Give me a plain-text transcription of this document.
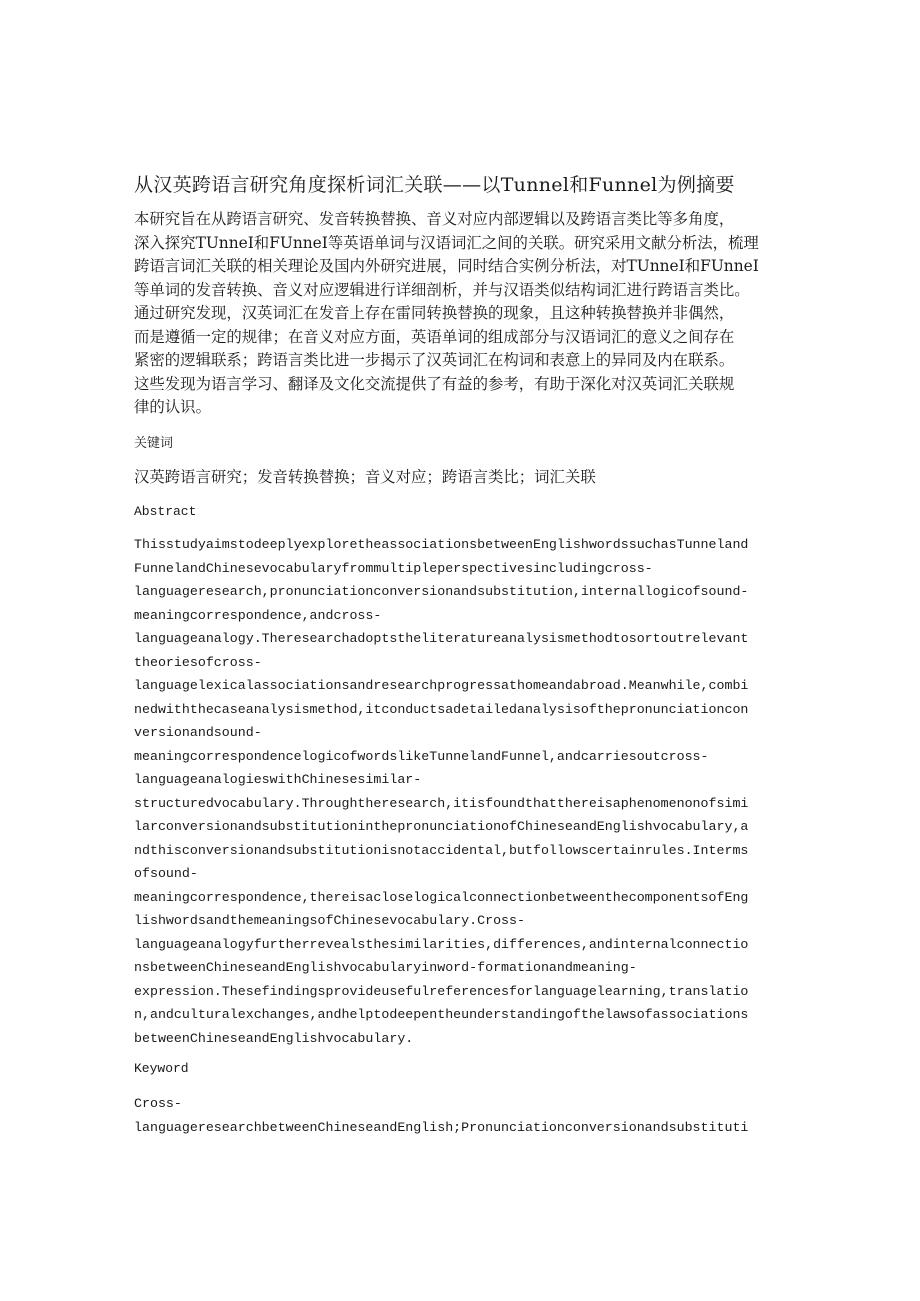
从汉英跨语言研究角度探析词汇关联——以Tunnel和Funnel为例摘要
本研究旨在从跨语言研究、发音转换替换、音义对应内部逻辑以及跨语言类比等多角度，
深入探究TUnneI和FUnneI等英语单词与汉语词汇之间的关联。研究采用文献分析法，梳理
跨语言词汇关联的相关理论及国内外研究进展，同时结合实例分析法，对TUnneI和FUnneI
等单词的发音转换、音义对应逻辑进行详细剖析，并与汉语类似结构词汇进行跨语言类比。
通过研究发现，汉英词汇在发音上存在雷同转换替换的现象，且这种转换替换并非偶然，
而是遵循一定的规律；在音义对应方面，英语单词的组成部分与汉语词汇的意义之间存在
紧密的逻辑联系；跨语言类比进一步揭示了汉英词汇在构词和表意上的异同及内在联系。
这些发现为语言学习、翻译及文化交流提供了有益的参考，有助于深化对汉英词汇关联规
律的认识。
关键词
汉英跨语言研究；发音转换替换；音义对应；跨语言类比；词汇关联
Abstract
ThisstudyaimstodeeplyexploretheassociationsbetweenEnglishwordssuchasTunneland
FunnelandChinesevocabularyfrommultipleperspectivesincludingcross-
languageresearch,pronunciationconversionandsubstitution,internallogicofsound-
meaningcorrespondence,andcross-
languageanalogy.Theresearchadoptstheliteratureanalysismethodtosortoutrelevant
theoriesofcross-
languagelexicalassociationsandresearchprogressathomeandabroad.Meanwhile,combi
nedwiththecaseanalysismethod,itconductsadetailedanalysisofthepronunciationcon
versionandsound-
meaningcorrespondencelogicofwordslikeTunnelandFunnel,andcarriesoutcross-
languageanalogieswithChinesesimilar-
structuredvocabulary.Throughtheresearch,itisfoundthatthereisaphenomenonofsimi
larconversionandsubstitutioninthepronunciationofChineseandEnglishvocabulary,a
ndthisconversionandsubstitutionisnotaccidental,butfollowscertainrules.Interms
ofsound-
meaningcorrespondence,thereisacloselogicalconnectionbetweenthecomponentsofEng
lishwordsandthemeaningsofChinesevocabulary.Cross-
languageanalogyfurtherrevealsthesimilarities,differences,andinternalconnectio
nsbetweenChineseandEnglishvocabularyinword-formationandmeaning-
expression.Thesefindingsprovideusefulreferencesforlanguagelearning,translatio
n,andculturalexchanges,andhelptodeepentheunderstandingofthelawsofassociations
betweenChineseandEnglishvocabulary.
Keyword
Cross-
languageresearchbetweenChineseandEnglish;Pronunciationconversionandsubstituti
